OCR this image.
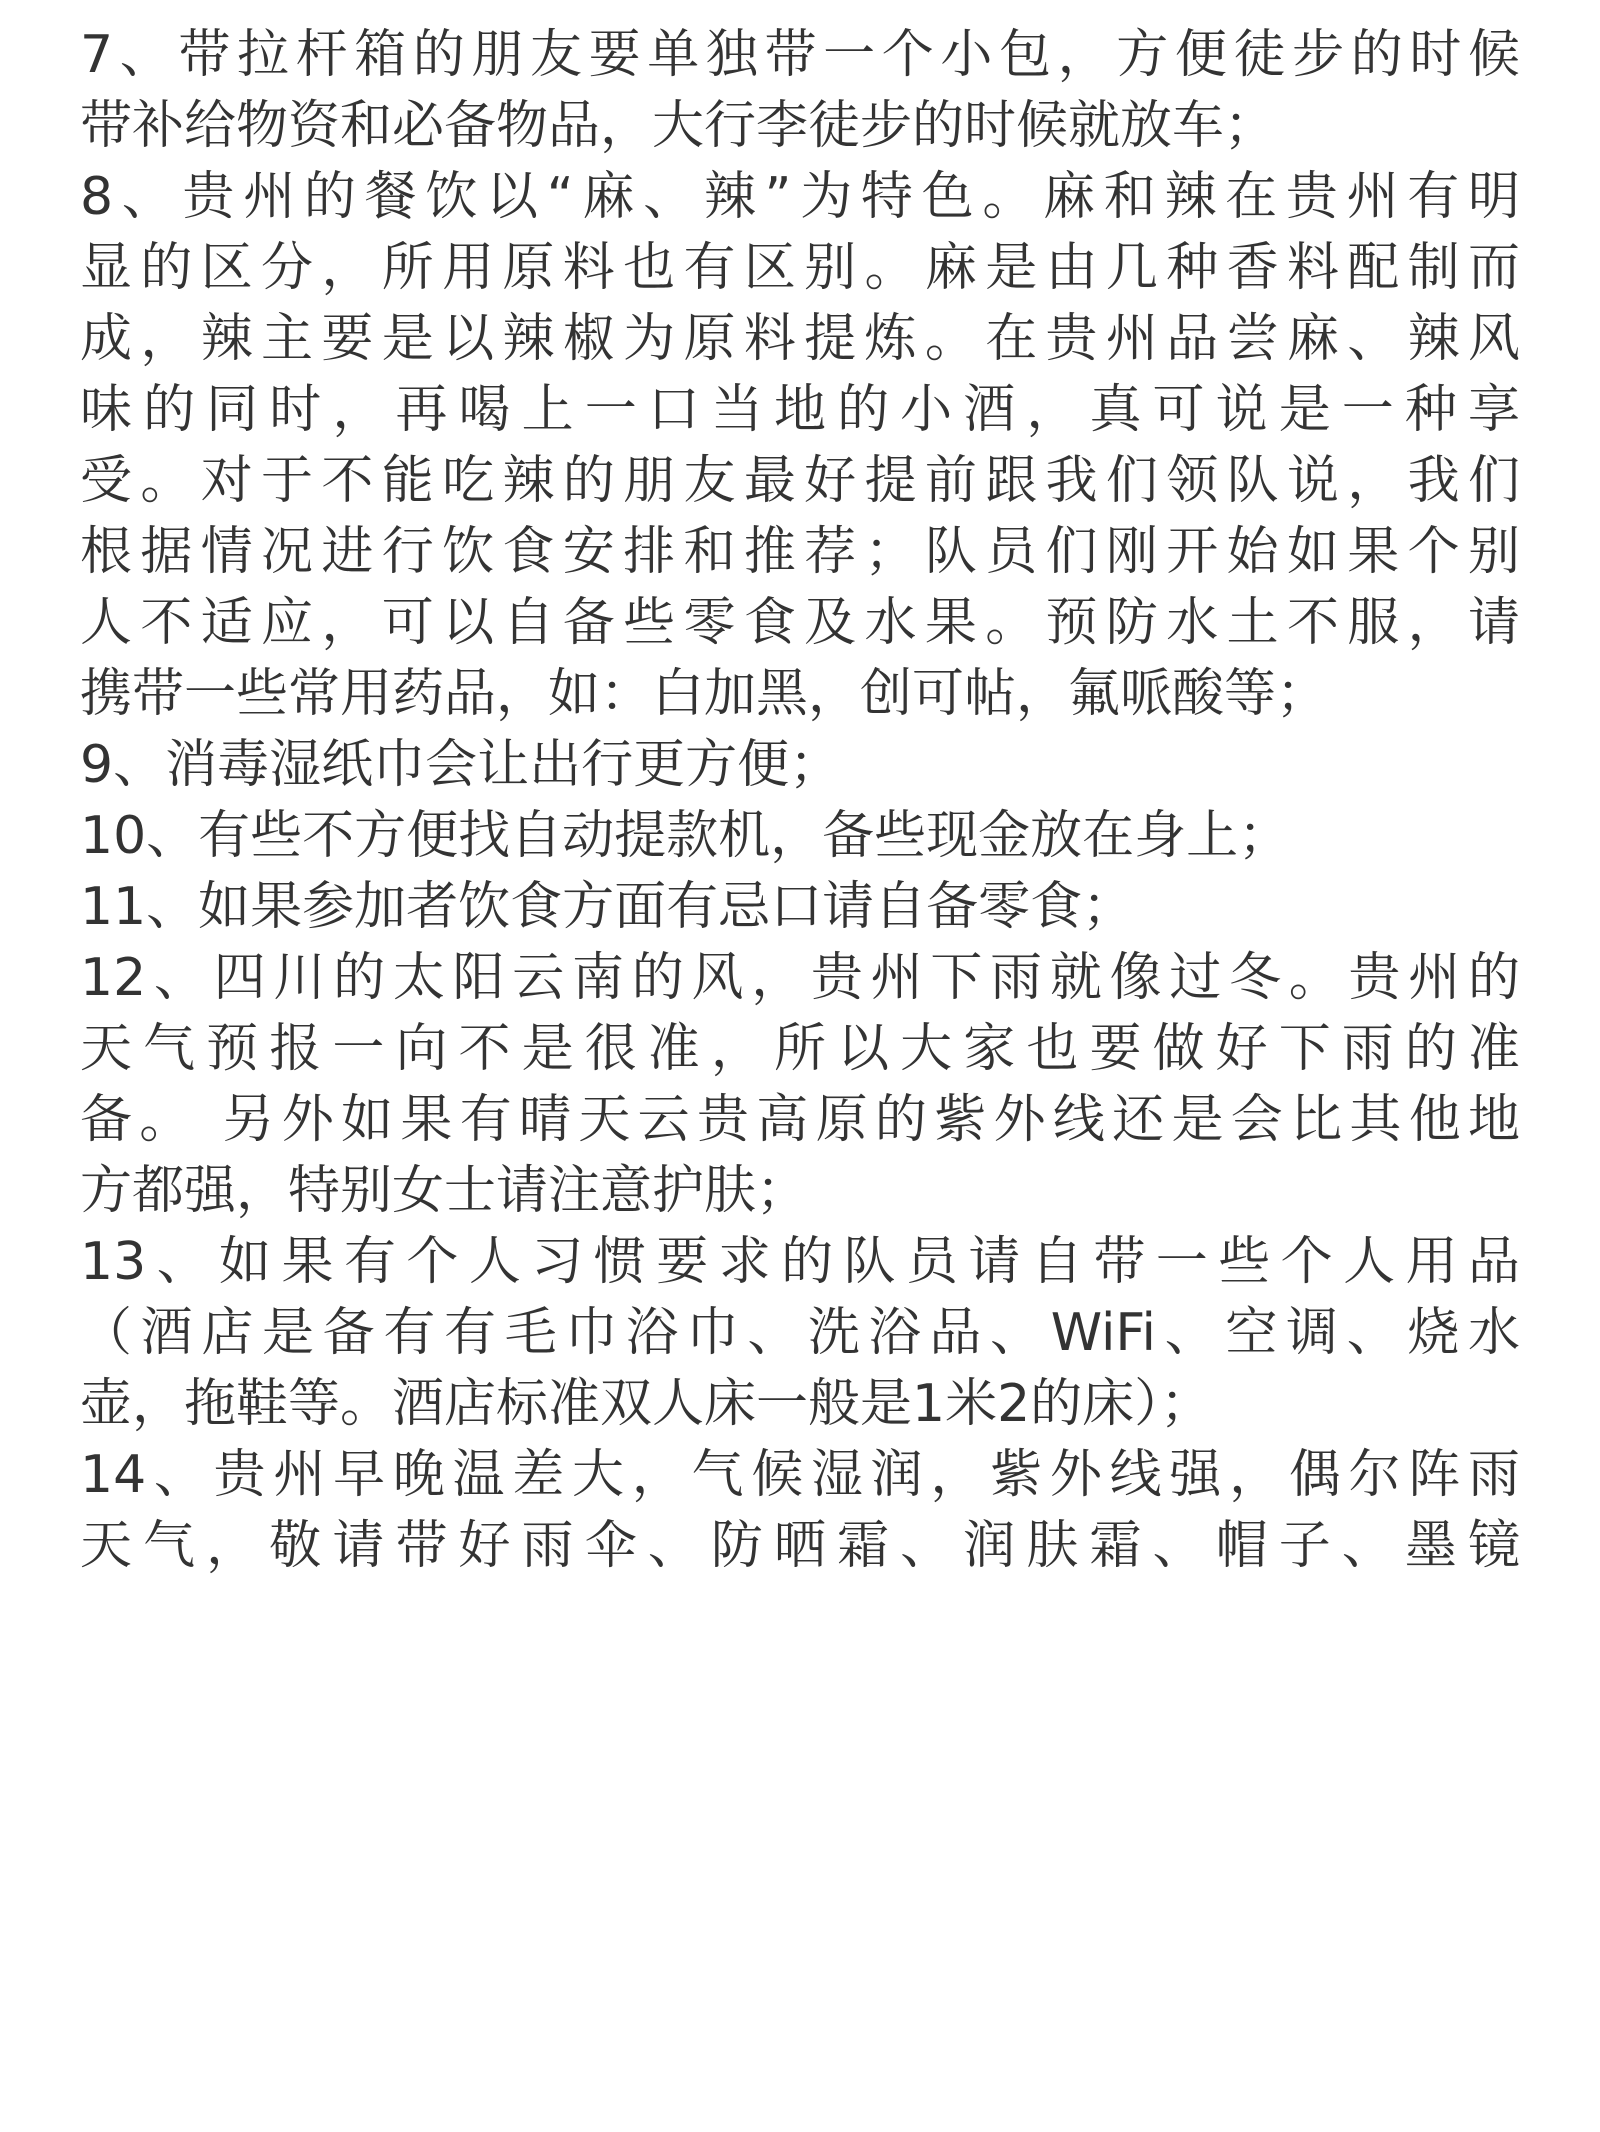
7、带拉杆箱的朋友要单独带一个小包，方便徒步的时候
带补给物资和必备物品，大行李徒步的时候就放车；
8、贵州的餐饮以“麻、辣”为特色。麻和辣在贵州有明
显的区分，所用原料也有区别。麻是由几种香料配制而
成，辣主要是以辣椒为原料提炼。在贵州品尝麻、辣风
味的同时，再喝上一口当地的小酒，真可说是一种享
受。对于不能吃辣的朋友最好提前跟我们领队说，我们
根据情况进行饮食安排和推荐；队员们刚开始如果个别
人不适应，可以自备些零食及水果。预防水土不服，请
携带一些常用药品，如：白加黑，创可帖，氟哌酸等；
9、消毒湿纸巾会让出行更方便；
10、有些不方便找自动提款机，备些现金放在身上；
11、如果参加者饮食方面有忌口请自备零食；
12、四川的太阳云南的风，贵州下雨就像过冬。贵州的
天气预报一向不是很准，所以大家也要做好下雨的准
备。 另外如果有晴天云贵高原的紫外线还是会比其他地
方都强，特别女士请注意护肤；
13、如果有个人习惯要求的队员请自带一些个人用品
（酒店是备有有毛巾浴巾、洗浴品、WiFi、空调、烧水
壶，拖鞋等。酒店标准双人床一般是1米2的床）；
14、贵州早晚温差大，气候湿润，紫外线强，偶尔阵雨
天气，敬请带好雨伞、防晒霜、润肤霜、帽子、墨镜
